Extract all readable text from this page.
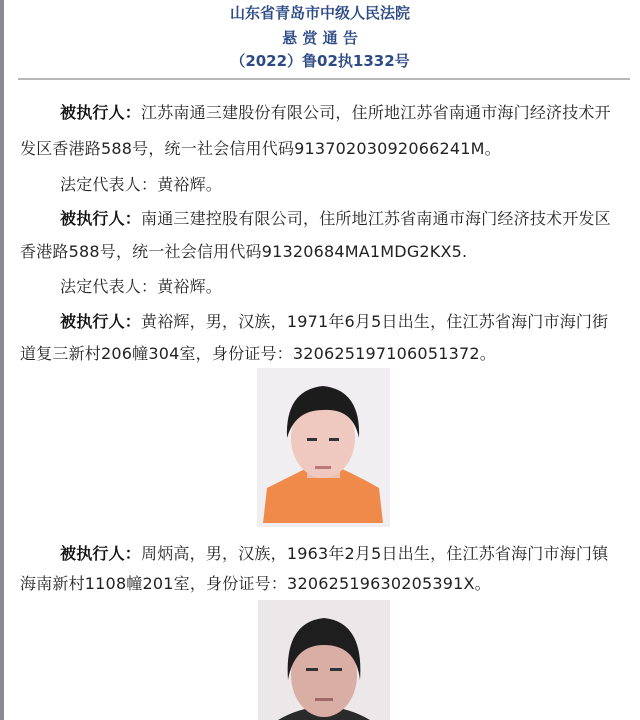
山东省青岛市中级人民法院
悬 赏 通 告
（2022）鲁02执1332号
被执行人：江苏南通三建股份有限公司，住所地江苏省南通市海门经济技术开
发区香港路588号，统一社会信用代码91370203092066241M。
法定代表人：黄裕辉。
被执行人：南通三建控股有限公司，住所地江苏省南通市海门经济技术开发区
香港路588号，统一社会信用代码91320684MA1MDG2KX5.
法定代表人：黄裕辉。
被执行人：黄裕辉，男，汉族，1971年6月5日出生，住江苏省海门市海门街
道复三新村206幢304室，身份证号：320625197106051372。
被执行人：周炳高，男，汉族，1963年2月5日出生，住江苏省海门市海门镇
海南新村1108幢201室，身份证号：32062519630205391X。
